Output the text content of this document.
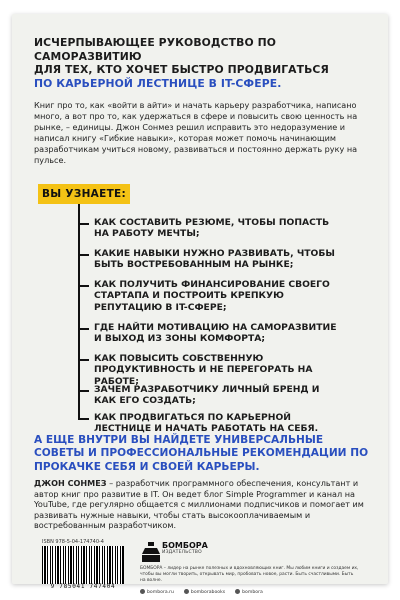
ИСЧЕРПЫВАЮЩЕЕ РУКОВОДСТВО ПО САМОРАЗВИТИЮ
ДЛЯ ТЕХ, КТО ХОЧЕТ БЫСТРО ПРОДВИГАТЬСЯ
ПО КАРЬЕРНОЙ ЛЕСТНИЦЕ В IT-СФЕРЕ.
Книг про то, как «войти в айти» и начать карьеру разработчика, написано много, а вот про то, как удержаться в сфере и повысить свою ценность на рынке, – единицы. Джон Сонмез решил исправить это недоразумение и написал книгу «Гибкие навыки», которая может помочь начинающим разработчикам учиться новому, развиваться и постоянно держать руку на пульсе.
ВЫ УЗНАЕТЕ:
КАК СОСТАВИТЬ РЕЗЮМЕ, ЧТОБЫ ПОПАСТЬ НА РАБОТУ МЕЧТЫ;
КАКИЕ НАВЫКИ НУЖНО РАЗВИВАТЬ, ЧТОБЫ БЫТЬ ВОСТРЕБОВАННЫМ НА РЫНКЕ;
КАК ПОЛУЧИТЬ ФИНАНСИРОВАНИЕ СВОЕГО СТАРТАПА И ПОСТРОИТЬ КРЕПКУЮ РЕПУТАЦИЮ В IT-СФЕРЕ;
ГДЕ НАЙТИ МОТИВАЦИЮ НА САМОРАЗВИТИЕ И ВЫХОД ИЗ ЗОНЫ КОМФОРТА;
КАК ПОВЫСИТЬ СОБСТВЕННУЮ ПРОДУКТИВНОСТЬ И НЕ ПЕРЕГОРАТЬ НА РАБОТЕ;
ЗАЧЕМ РАЗРАБОТЧИКУ ЛИЧНЫЙ БРЕНД И КАК ЕГО СОЗДАТЬ;
КАК ПРОДВИГАТЬСЯ ПО КАРЬЕРНОЙ ЛЕСТНИЦЕ И НАЧАТЬ РАБОТАТЬ НА СЕБЯ.
А ЕЩЕ ВНУТРИ ВЫ НАЙДЕТЕ УНИВЕРСАЛЬНЫЕ СОВЕТЫ И ПРОФЕССИОНАЛЬНЫЕ РЕКОМЕНДАЦИИ ПО ПРОКАЧКЕ СЕБЯ И СВОЕЙ КАРЬЕРЫ.
ДЖОН СОНМЕЗ – разработчик программного обеспечения, консультант и автор книг про развитие в IT. Он ведет блог Simple Programmer и канал на YouTube, где регулярно общается с миллионами подписчиков и помогает им развивать нужные навыки, чтобы стать высокооплачиваемым и востребованным разработчиком.
ISBN 978-5-04-174740-4
9 785041 747404
БОМБОРА
ИЗДАТЕЛЬСТВО
БОМБОРА – лидер на рынке полезных и вдохновляющих книг. Мы любим книги и создаем их, чтобы вы могли творить, открывать мир, пробовать новое, расти. Быть счастливыми. Быть на волне.
bombora.ru	bomborabooks	bombora
